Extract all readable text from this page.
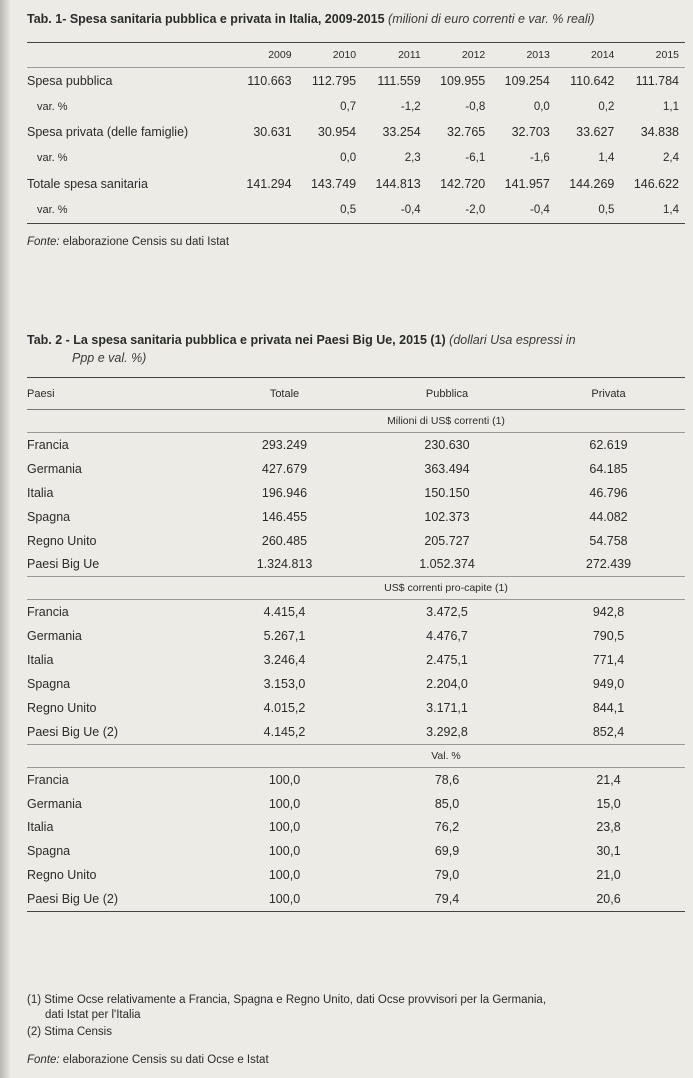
Tab. 1- Spesa sanitaria pubblica e privata in Italia, 2009-2015 (milioni di euro correnti e var. % reali)
	2009	2010	2011	2012	2013	2014	2015
Spesa pubblica	110.663	112.795	111.559	109.955	109.254	110.642	111.784
var. %		0,7	-1,2	-0,8	0,0	0,2	1,1
Spesa privata (delle famiglie)	30.631	30.954	33.254	32.765	32.703	33.627	34.838
var. %		0,0	2,3	-6,1	-1,6	1,4	2,4
Totale spesa sanitaria	141.294	143.749	144.813	142.720	141.957	144.269	146.622
var. %		0,5	-0,4	-2,0	-0,4	0,5	1,4
Fonte: elaborazione Censis su dati Istat
Tab. 2 - La spesa sanitaria pubblica e privata nei Paesi Big Ue, 2015 (1) (dollari Usa espressi in
Ppp e val. %)
Paesi	Totale	Pubblica	Privata
	Milioni di US$ correnti (1)		
Francia	293.249	230.630	62.619
Germania	427.679	363.494	64.185
Italia	196.946	150.150	46.796
Spagna	146.455	102.373	44.082
Regno Unito	260.485	205.727	54.758
Paesi Big Ue	1.324.813	1.052.374	272.439
	US$ correnti pro-capite (1)		
Francia	4.415,4	3.472,5	942,8
Germania	5.267,1	4.476,7	790,5
Italia	3.246,4	2.475,1	771,4
Spagna	3.153,0	2.204,0	949,0
Regno Unito	4.015,2	3.171,1	844,1
Paesi Big Ue (2)	4.145,2	3.292,8	852,4
	Val. %		
Francia	100,0	78,6	21,4
Germania	100,0	85,0	15,0
Italia	100,0	76,2	23,8
Spagna	100,0	69,9	30,1
Regno Unito	100,0	79,0	21,0
Paesi Big Ue (2)	100,0	79,4	20,6
(1) Stime Ocse relativamente a Francia, Spagna e Regno Unito, dati Ocse provvisori per la Germania,
dati Istat per l'Italia
(2) Stima Censis
Fonte: elaborazione Censis su dati Ocse e Istat
